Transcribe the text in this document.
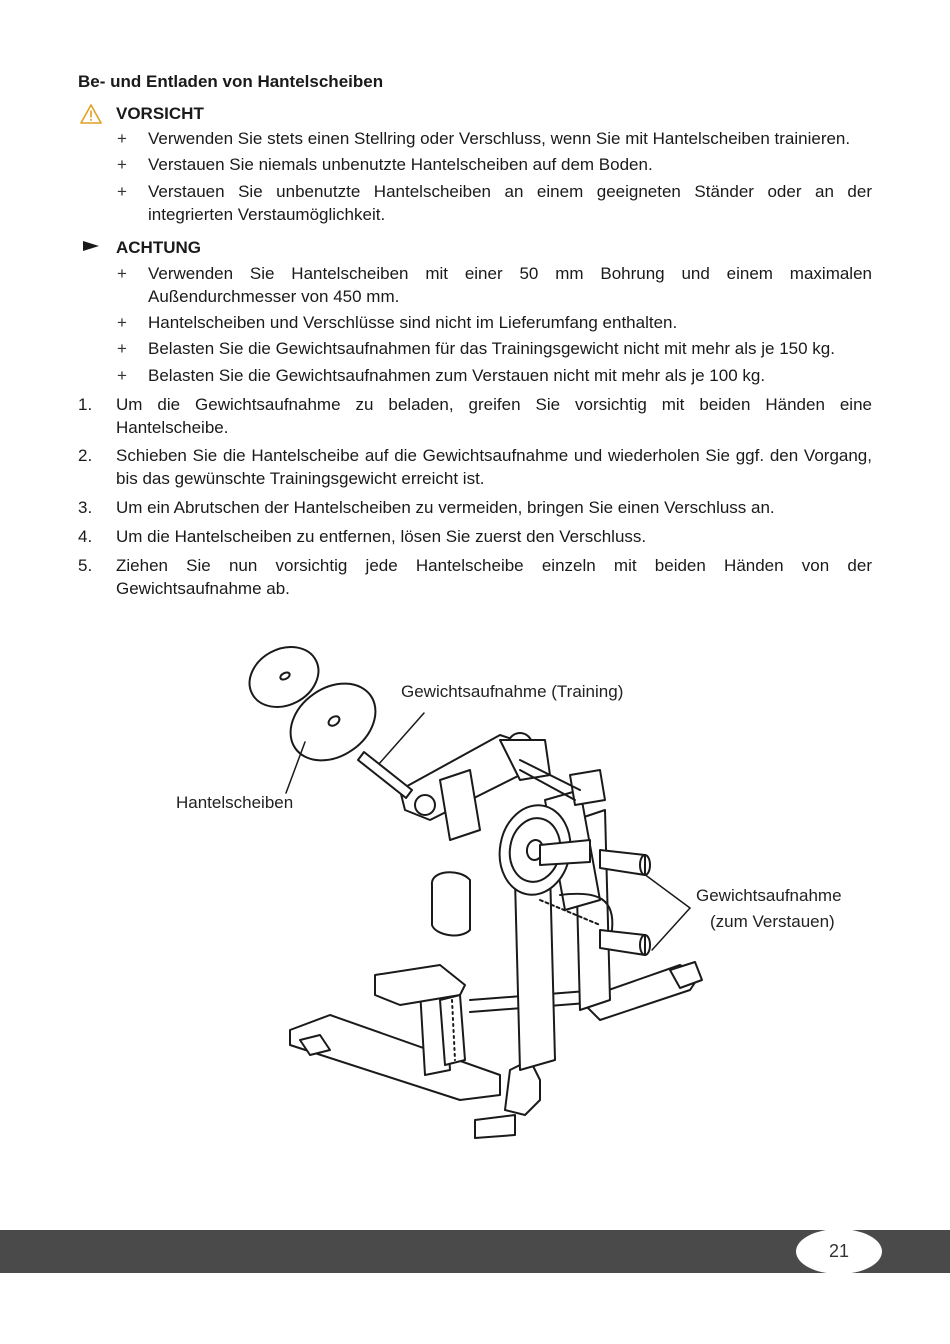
Be- und Entladen von Hantelscheiben
VORSICHT
+ Verwenden Sie stets einen Stellring oder Verschluss, wenn Sie mit Hantelscheiben trainieren.
+ Verstauen Sie niemals unbenutzte Hantelscheiben auf dem Boden.
+ Verstauen Sie unbenutzte Hantelscheiben an einem geeigneten Ständer oder an der integrierten Verstaumöglichkeit.
ACHTUNG
+ Verwenden Sie Hantelscheiben mit einer 50 mm Bohrung und einem maximalen Außendurchmesser von 450 mm.
+ Hantelscheiben und Verschlüsse sind nicht im Lieferumfang enthalten.
+ Belasten Sie die Gewichtsaufnahmen für das Trainingsgewicht nicht mit mehr als je 150 kg.
+ Belasten Sie die Gewichtsaufnahmen zum Verstauen nicht mit mehr als je 100 kg.
1. Um die Gewichtsaufnahme zu beladen, greifen Sie vorsichtig mit beiden Händen eine Hantelscheibe.
2. Schieben Sie die Hantelscheibe auf die Gewichtsaufnahme und wiederholen Sie ggf. den Vorgang, bis das gewünschte Trainingsgewicht erreicht ist.
3. Um ein Abrutschen der Hantelscheiben zu vermeiden, bringen Sie einen Verschluss an.
4. Um die Hantelscheiben zu entfernen, lösen Sie zuerst den Verschluss.
5. Ziehen Sie nun vorsichtig jede Hantelscheibe einzeln mit beiden Händen von der Gewichtsaufnahme ab.
Gewichtsaufnahme (Training)
Hantelscheiben
Gewichtsaufnahme
(zum Verstauen)
21
